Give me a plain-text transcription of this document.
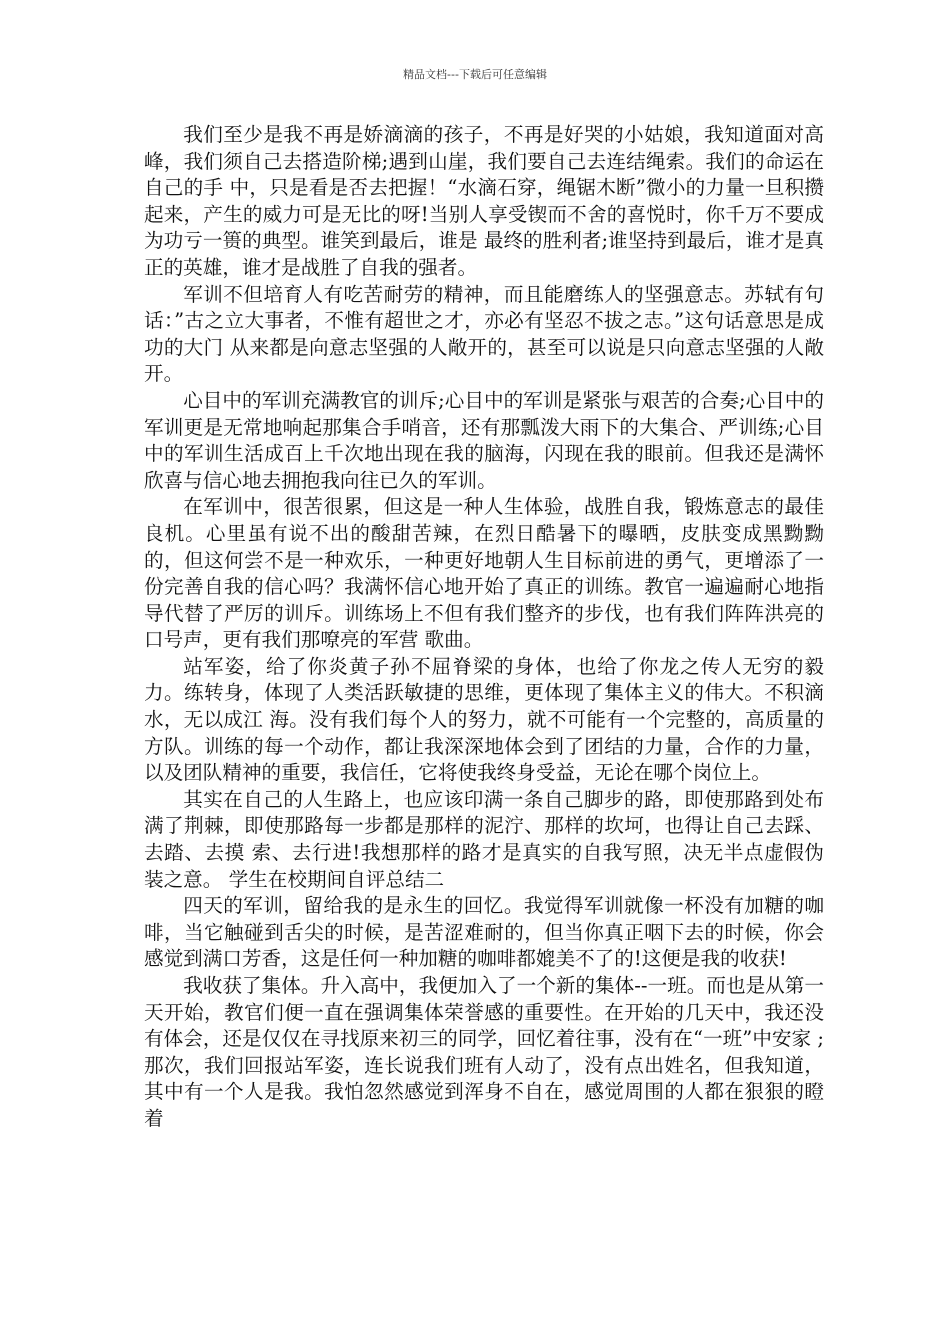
精品文档---下载后可任意编辑

我们至少是我不再是娇滴滴的孩子，不再是好哭的小姑娘，我知道面对高峰，我们须自己去搭造阶梯;遇到山崖，我们要自己去连结绳索。我们的命运在自己的手 中，只是看是否去把握！“水滴石穿，绳锯木断”微小的力量一旦积攒起来，产生的威力可是无比的呀!当别人享受锲而不舍的喜悦时，你千万不要成为功亏一篑的典型。谁笑到最后，谁是 最终的胜利者;谁坚持到最后，谁才是真正的英雄，谁才是战胜了自我的强者。

军训不但培育人有吃苦耐劳的精神，而且能磨练人的坚强意志。苏轼有句话：”古之立大事者，不惟有超世之才，亦必有坚忍不拔之志。”这句话意思是成功的大门 从来都是向意志坚强的人敞开的，甚至可以说是只向意志坚强的人敞开。

心目中的军训充满教官的训斥;心目中的军训是紧张与艰苦的合奏;心目中的军训更是无常地响起那集合手哨音，还有那瓢泼大雨下的大集合、严训练;心目中的军训生活成百上千次地出现在我的脑海，闪现在我的眼前。但我还是满怀欣喜与信心地去拥抱我向往已久的军训。

在军训中，很苦很累，但这是一种人生体验，战胜自我，锻炼意志的最佳良机。心里虽有说不出的酸甜苦辣，在烈日酷暑下的曝晒，皮肤变成黑黝黝的，但这何尝不是一种欢乐，一种更好地朝人生目标前进的勇气，更增添了一份完善自我的信心吗？我满怀信心地开始了真正的训练。教官一遍遍耐心地指导代替了严厉的训斥。训练场上不但有我们整齐的步伐，也有我们阵阵洪亮的口号声，更有我们那嘹亮的军营 歌曲。

站军姿，给了你炎黄子孙不屈脊梁的身体，也给了你龙之传人无穷的毅力。练转身，体现了人类活跃敏捷的思维，更体现了集体主义的伟大。不积滴水，无以成江 海。没有我们每个人的努力，就不可能有一个完整的，高质量的方队。训练的每一个动作，都让我深深地体会到了团结的力量，合作的力量，以及团队精神的重要，我信任，它将使我终身受益，无论在哪个岗位上。

其实在自己的人生路上，也应该印满一条自己脚步的路，即使那路到处布满了荆棘，即使那路每一步都是那样的泥泞、那样的坎坷，也得让自己去踩、去踏、去摸 索、去行进!我想那样的路才是真实的自我写照，决无半点虚假伪装之意。 学生在校期间自评总结二

四天的军训，留给我的是永生的回忆。我觉得军训就像一杯没有加糖的咖啡，当它触碰到舌尖的时候，是苦涩难耐的，但当你真正咽下去的时候，你会感觉到满口芳香，这是任何一种加糖的咖啡都媲美不了的!这便是我的收获!

我收获了集体。升入高中，我便加入了一个新的集体--一班。而也是从第一天开始，教官们便一直在强调集体荣誉感的重要性。在开始的几天中，我还没有体会，还是仅仅在寻找原来初三的同学，回忆着往事，没有在“一班”中安家 ;那次，我们回报站军姿，连长说我们班有人动了，没有点出姓名，但我知道，其中有一个人是我。我怕忽然感觉到浑身不自在，感觉周围的人都在狠狠的瞪着
